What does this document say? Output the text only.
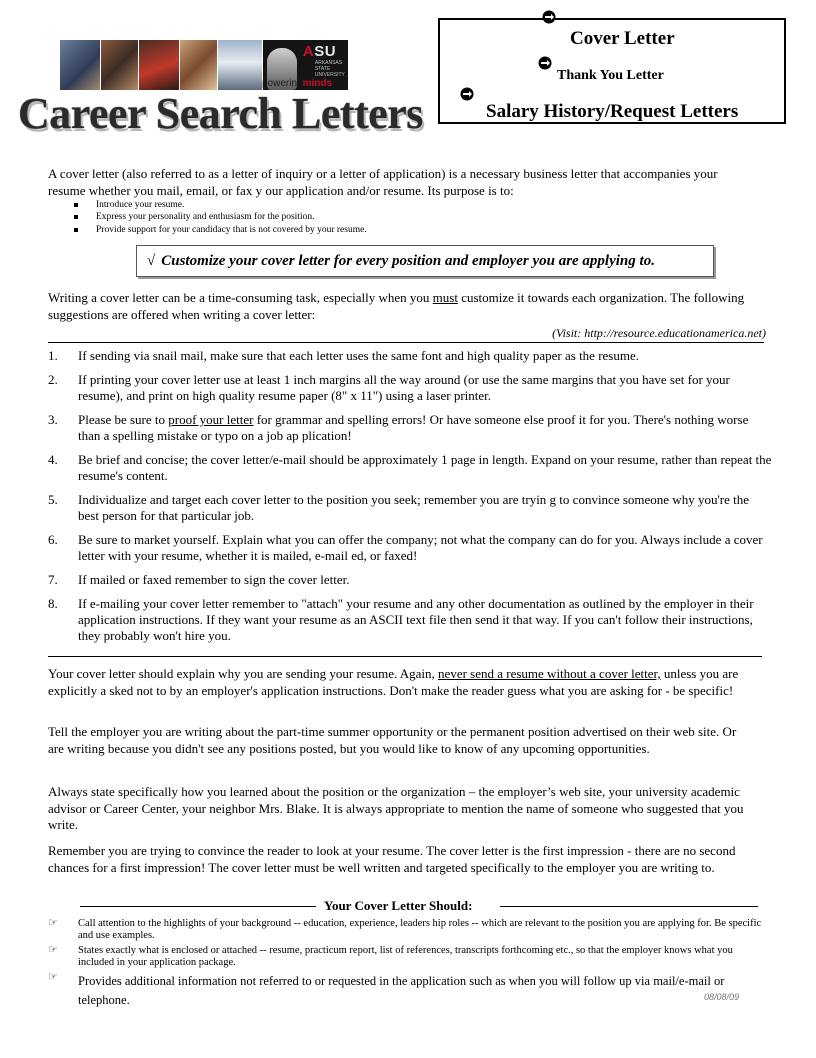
ASU
ARKANSAS STATE UNIVERSITY
poweringminds
Career Search Letters
Cover Letter
Thank You Letter
Salary History/Request Letters
A cover letter (also referred to as a letter of inquiry or a letter of application) is a necessary business letter that accompanies your resume whether you mail, email, or fax y our application and/or resume. Its purpose is to:
Introduce your resume.
Express your personality and enthusiasm for the position.
Provide support for your candidacy that is not covered by your resume.
√ Customize your cover letter for every position and employer you are applying to.
Writing a cover letter can be a time-consuming task, especially when you must customize it towards each organization. The following suggestions are offered when writing a cover letter:
(Visit: http://resource.educationamerica.net)
1. If sending via snail mail, make sure that each letter uses the same font and high quality paper as the resume.
2. If printing your cover letter use at least 1 inch margins all the way around (or use the same margins that you have set for your resume), and print on high quality resume paper (8" x 11") using a laser printer.
3. Please be sure to proof your letter for grammar and spelling errors! Or have someone else proof it for you. There's nothing worse than a spelling mistake or typo on a job ap plication!
4. Be brief and concise; the cover letter/e-mail should be approximately 1 page in length. Expand on your resume, rather than repeat the resume's content.
5. Individualize and target each cover letter to the position you seek; remember you are tryin g to convince someone why you're the best person for that particular job.
6. Be sure to market yourself. Explain what you can offer the company; not what the company can do for you. Always include a cover letter with your resume, whether it is mailed, e-mail ed, or faxed!
7. If mailed or faxed remember to sign the cover letter.
8. If e-mailing your cover letter remember to "attach" your resume and any other documentation as outlined by the employer in their application instructions. If they want your resume as an ASCII text file then send it that way. If you can't follow their instructions, they probably won't hire you.
Your cover letter should explain why you are sending your resume. Again, never send a resume without a cover letter, unless you are explicitly a sked not to by an employer's application instructions. Don't make the reader guess what you are asking for - be specific!
Tell the employer you are writing about the part-time summer opportunity or the permanent position advertised on their web site. Or are writing because you didn't see any positions posted, but you would like to know of any upcoming opportunities.
Always state specifically how you learned about the position or the organization – the employer’s web site, your university academic advisor or Career Center, your neighbor Mrs. Blake. It is always appropriate to mention the name of someone who suggested that you write.
Remember you are trying to convince the reader to look at your resume. The cover letter is the first impression - there are no second chances for a first impression! The cover letter must be well written and targeted specifically to the employer you are writing to.
Your Cover Letter Should:
☞ Call attention to the highlights of your background -- education, experience, leaders hip roles -- which are relevant to the position you are applying for. Be specific and use examples.
☞ States exactly what is enclosed or attached -- resume, practicum report, list of references, transcripts forthcoming etc., so that the employer knows what you included in your application package.
☞ Provides additional information not referred to or requested in the application such as when you will follow up via mail/e-mail or telephone.	08/08/09
